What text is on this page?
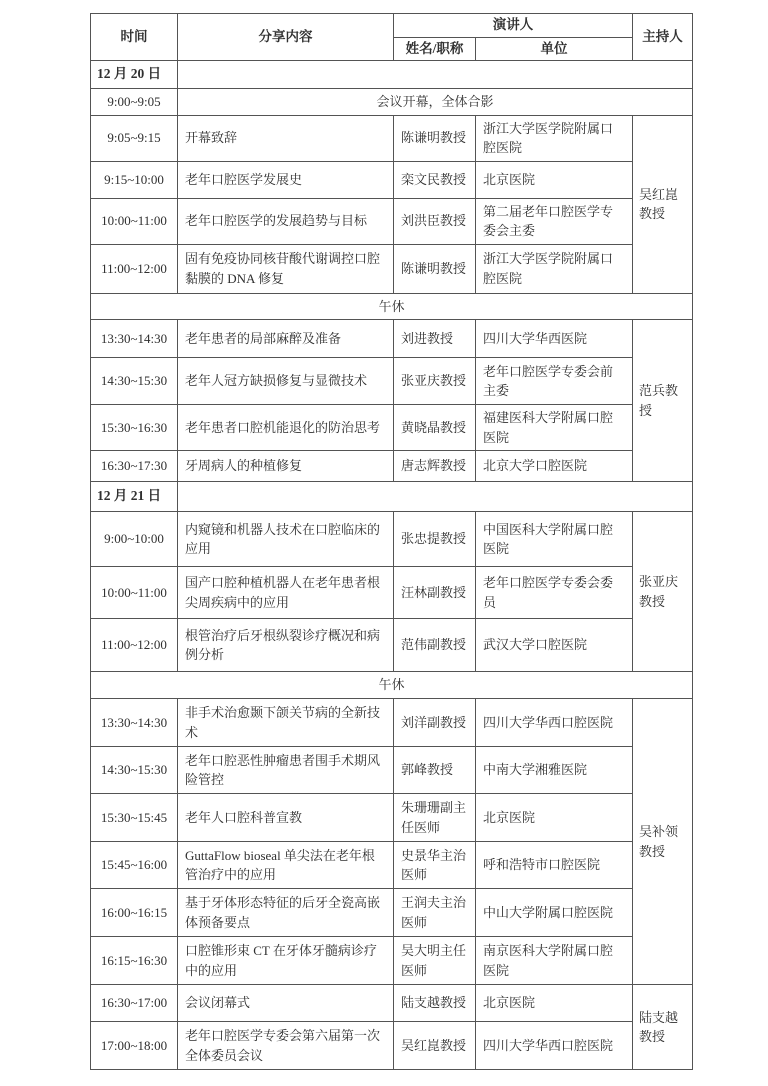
时间	分享内容	演讲人		主持人
		姓名/职称	单位	
12 月 20 日				
9:00~9:05	会议开幕，全体合影			
9:05~9:15	开幕致辞	陈谦明教授	浙江大学医学院附属口腔医院	吴红崑教授
9:15~10:00	老年口腔医学发展史	栾文民教授	北京医院	
10:00~11:00	老年口腔医学的发展趋势与目标	刘洪臣教授	第二届老年口腔医学专委会主委	
11:00~12:00	固有免疫协同核苷酸代谢调控口腔黏膜的 DNA 修复	陈谦明教授	浙江大学医学院附属口腔医院	
午休				
13:30~14:30	老年患者的局部麻醉及准备	刘进教授	四川大学华西医院	范兵教授
14:30~15:30	老年人冠方缺损修复与显微技术	张亚庆教授	老年口腔医学专委会前主委	
15:30~16:30	老年患者口腔机能退化的防治思考	黄晓晶教授	福建医科大学附属口腔医院	
16:30~17:30	牙周病人的种植修复	唐志辉教授	北京大学口腔医院	
12 月 21 日				
9:00~10:00	内窥镜和机器人技术在口腔临床的应用	张忠提教授	中国医科大学附属口腔医院	张亚庆教授
10:00~11:00	国产口腔种植机器人在老年患者根尖周疾病中的应用	汪林副教授	老年口腔医学专委会委员	
11:00~12:00	根管治疗后牙根纵裂诊疗概况和病例分析	范伟副教授	武汉大学口腔医院	
午休				
13:30~14:30	非手术治愈颞下颌关节病的全新技术	刘洋副教授	四川大学华西口腔医院	吴补领教授
14:30~15:30	老年口腔恶性肿瘤患者围手术期风险管控	郭峰教授	中南大学湘雅医院	
15:30~15:45	老年人口腔科普宣教	朱珊珊副主任医师	北京医院	
15:45~16:00	GuttaFlow bioseal 单尖法在老年根管治疗中的应用	史景华主治医师	呼和浩特市口腔医院	
16:00~16:15	基于牙体形态特征的后牙全瓷高嵌体预备要点	王润夫主治医师	中山大学附属口腔医院	
16:15~16:30	口腔锥形束 CT 在牙体牙髓病诊疗中的应用	吴大明主任医师	南京医科大学附属口腔医院	
16:30~17:00	会议闭幕式	陆支越教授	北京医院	陆支越教授
17:00~18:00	老年口腔医学专委会第六届第一次全体委员会议	吴红崑教授	四川大学华西口腔医院	
